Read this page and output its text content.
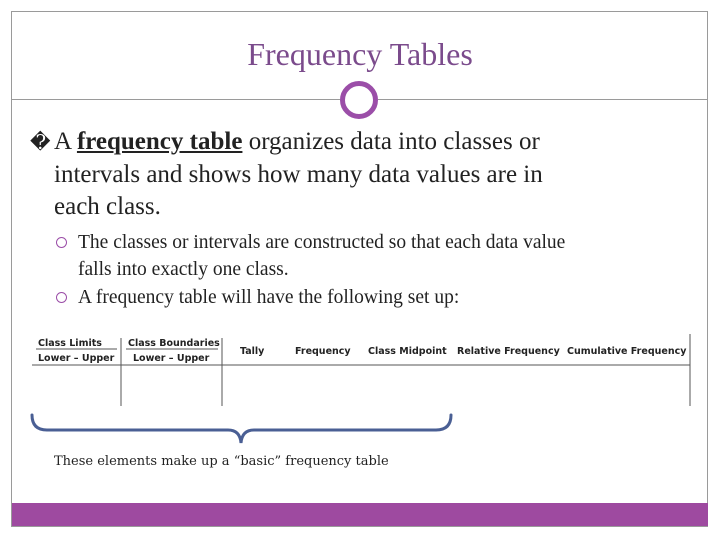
Frequency Tables
� A frequency table organizes data into classes or
intervals and shows how many data values are in
each class.
The classes or intervals are constructed so that each data value
falls into exactly one class.
A frequency table will have the following set up:
Class Limits	Class Boundaries
Tally	Frequency Class Midpoint Relative Frequency Cumulative Frequency
Lower – Upper Lower – Upper
These elements make up a “basic” frequency table
